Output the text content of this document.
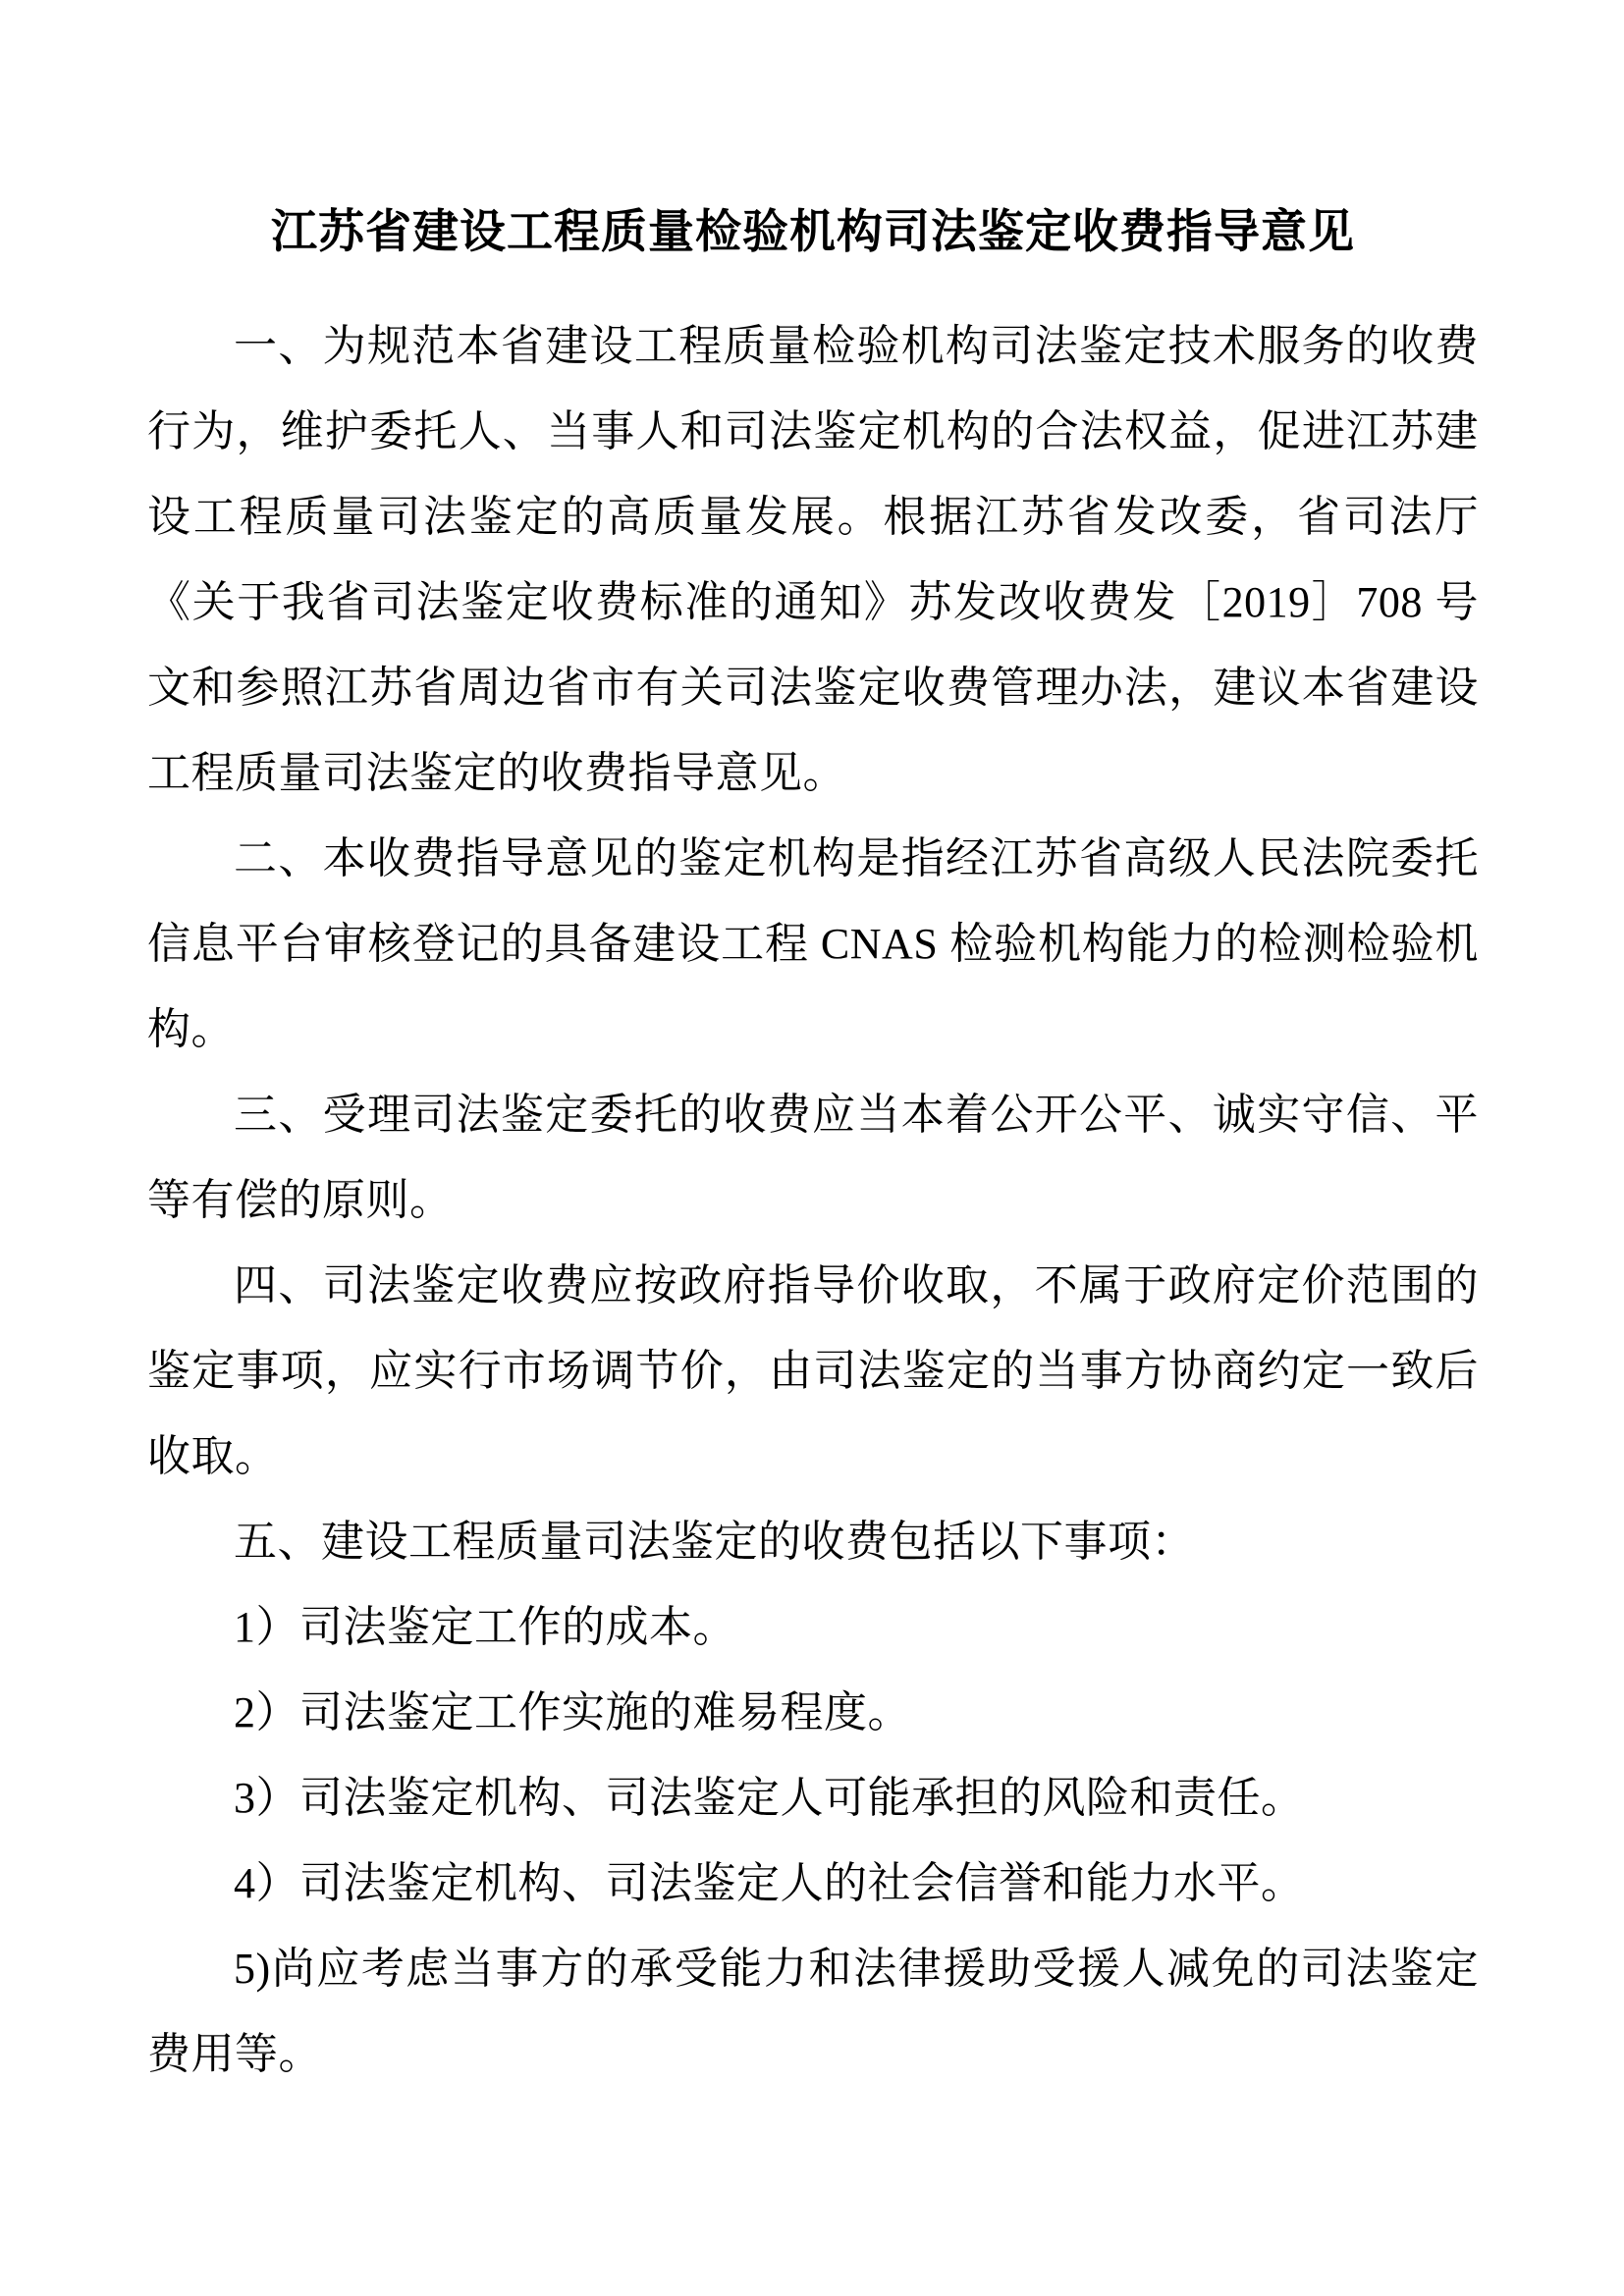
江苏省建设工程质量检验机构司法鉴定收费指导意见

一、为规范本省建设工程质量检验机构司法鉴定技术服务的收费行为，维护委托人、当事人和司法鉴定机构的合法权益，促进江苏建设工程质量司法鉴定的高质量发展。根据江苏省发改委，省司法厅《关于我省司法鉴定收费标准的通知》苏发改收费发［2019］708 号文和参照江苏省周边省市有关司法鉴定收费管理办法，建议本省建设工程质量司法鉴定的收费指导意见。

二、本收费指导意见的鉴定机构是指经江苏省高级人民法院委托信息平台审核登记的具备建设工程 CNAS 检验机构能力的检测检验机构。

三、受理司法鉴定委托的收费应当本着公开公平、诚实守信、平等有偿的原则。

四、司法鉴定收费应按政府指导价收取，不属于政府定价范围的鉴定事项，应实行市场调节价，由司法鉴定的当事方协商约定一致后收取。

五、建设工程质量司法鉴定的收费包括以下事项：

1）司法鉴定工作的成本。

2）司法鉴定工作实施的难易程度。

3）司法鉴定机构、司法鉴定人可能承担的风险和责任。

4）司法鉴定机构、司法鉴定人的社会信誉和能力水平。

5)尚应考虑当事方的承受能力和法律援助受援人减免的司法鉴定费用等。
